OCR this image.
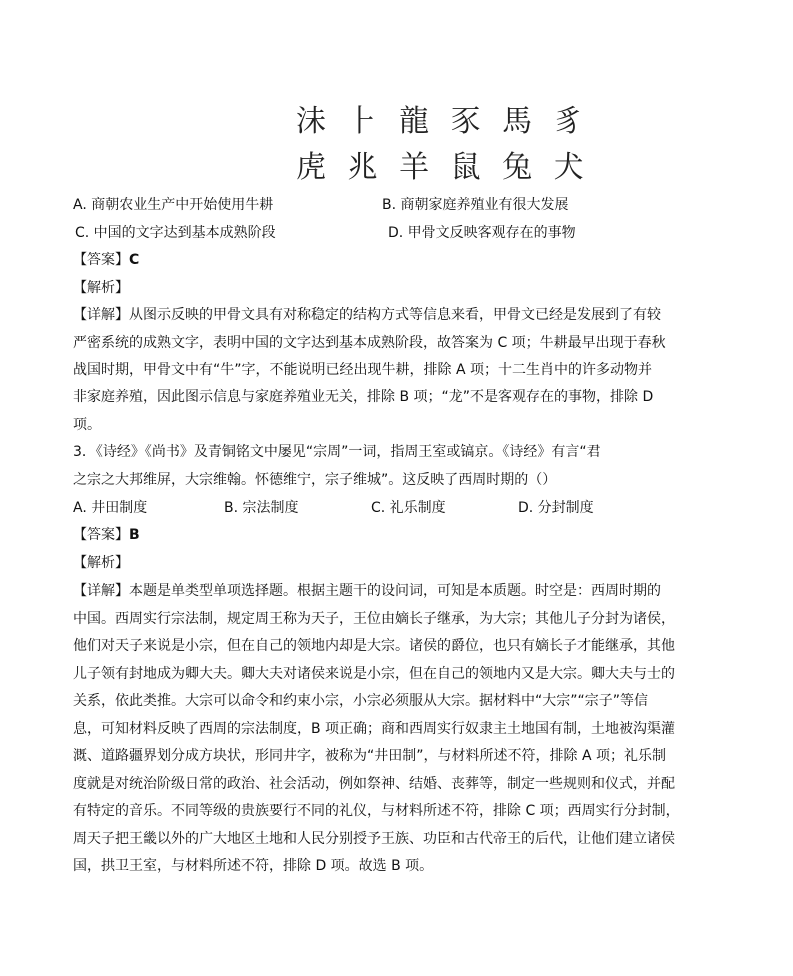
沬 ⺊ 龍 豕 馬 豸
虎 兆 羊 鼠 兔 犬
A. 商朝农业生产中开始使用牛耕	B. 商朝家庭养殖业有很大发展
C. 中国的文字达到基本成熟阶段	D. 甲骨文反映客观存在的事物
【答案】C
【解析】
【详解】从图示反映的甲骨文具有对称稳定的结构方式等信息来看，甲骨文已经是发展到了有较
严密系统的成熟文字，表明中国的文字达到基本成熟阶段，故答案为 C 项；牛耕最早出现于春秋
战国时期，甲骨文中有“牛”字，不能说明已经出现牛耕，排除 A 项；十二生肖中的许多动物并
非家庭养殖，因此图示信息与家庭养殖业无关，排除 B 项；“龙”不是客观存在的事物，排除 D
项。
3．《诗经》《尚书》及青铜铭文中屡见“宗周”一词，指周王室或镐京。《诗经》有言“君
之宗之大邦维屏，大宗维翰。怀德维宁，宗子维城”。这反映了西周时期的（）
A. 井田制度	B. 宗法制度	C. 礼乐制度	D. 分封制度
【答案】B
【解析】
【详解】本题是单类型单项选择题。根据主题干的设问词，可知是本质题。时空是：西周时期的
中国。西周实行宗法制，规定周王称为天子，王位由嫡长子继承，为大宗；其他儿子分封为诸侯，
他们对天子来说是小宗，但在自己的领地内却是大宗。诸侯的爵位，也只有嫡长子才能继承，其他
儿子领有封地成为卿大夫。卿大夫对诸侯来说是小宗，但在自己的领地内又是大宗。卿大夫与士的
关系，依此类推。大宗可以命令和约束小宗，小宗必须服从大宗。据材料中“大宗”“宗子”等信
息，可知材料反映了西周的宗法制度，B 项正确；商和西周实行奴隶主土地国有制，土地被沟渠灌
溉、道路疆界划分成方块状，形同井字，被称为“井田制”，与材料所述不符，排除 A 项；礼乐制
度就是对统治阶级日常的政治、社会活动，例如祭神、结婚、丧葬等，制定一些规则和仪式，并配
有特定的音乐。不同等级的贵族要行不同的礼仪，与材料所述不符，排除 C 项；西周实行分封制，
周天子把王畿以外的广大地区土地和人民分别授予王族、功臣和古代帝王的后代，让他们建立诸侯
国，拱卫王室，与材料所述不符，排除 D 项。故选 B 项。
